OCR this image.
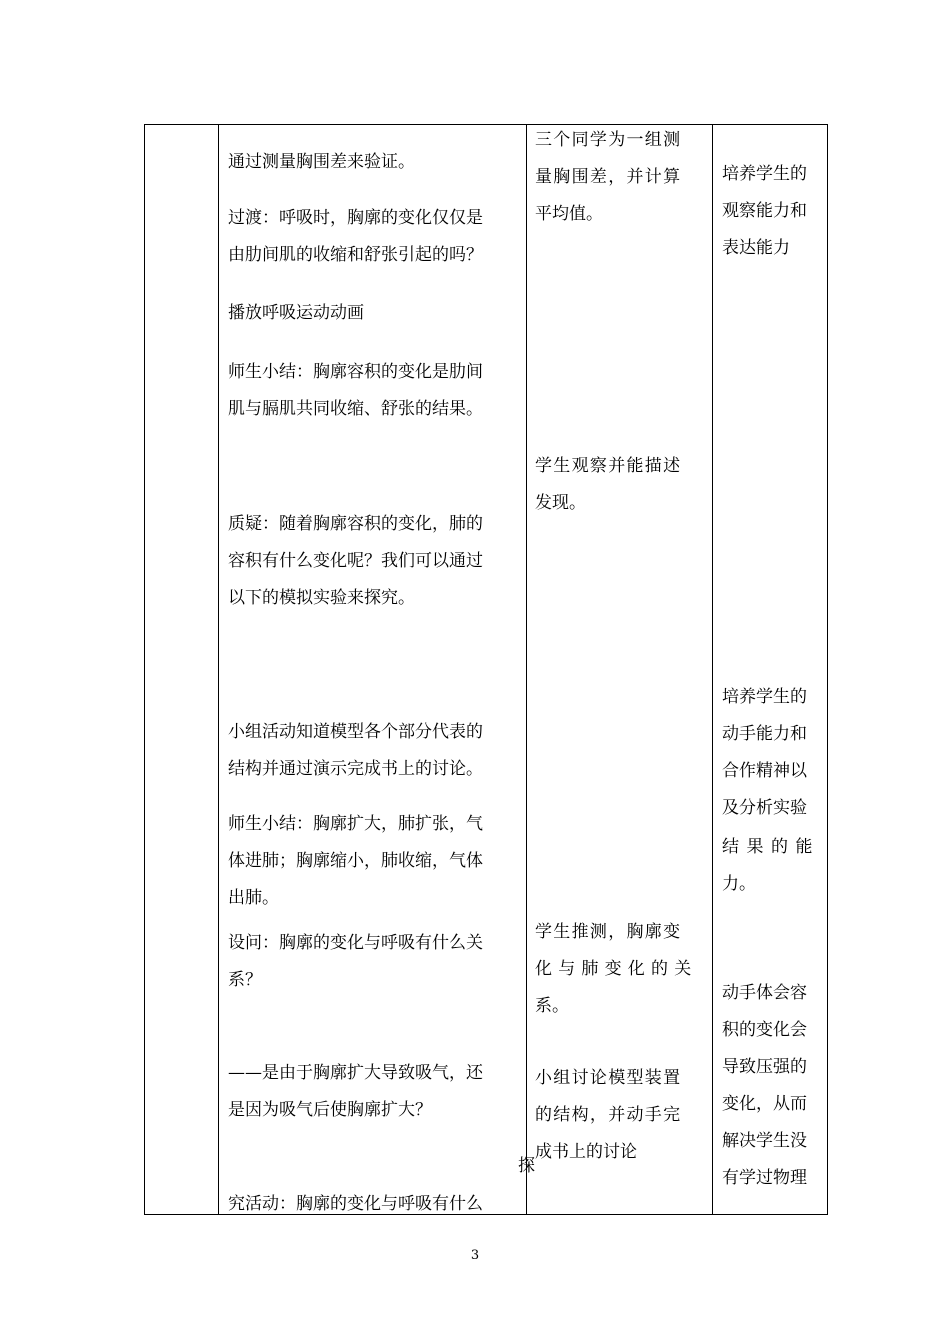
通过测量胸围差来验证。
过渡：呼吸时，胸廓的变化仅仅是
由肋间肌的收缩和舒张引起的吗？
播放呼吸运动动画
师生小结：胸廓容积的变化是肋间
肌与膈肌共同收缩、舒张的结果。
质疑：随着胸廓容积的变化，肺的
容积有什么变化呢？我们可以通过
以下的模拟实验来探究。
小组活动知道模型各个部分代表的
结构并通过演示完成书上的讨论。
师生小结：胸廓扩大，肺扩张，气
体进肺；胸廓缩小，肺收缩，气体
出肺。
设问：胸廓的变化与呼吸有什么关
系？
——是由于胸廓扩大导致吸气，还
是因为吸气后使胸廓扩大？
究活动：胸廓的变化与呼吸有什么
探
三个同学为一组测
量胸围差，并计算
平均值。
学生观察并能描述
发现。
学生推测，胸廓变
化与肺变化的关
系。
小组讨论模型装置
的结构，并动手完
成书上的讨论
培养学生的
观察能力和
表达能力
培养学生的
动手能力和
合作精神以
及分析实验
结果的能
力。
动手体会容
积的变化会
导致压强的
变化，从而
解决学生没
有学过物理
3
